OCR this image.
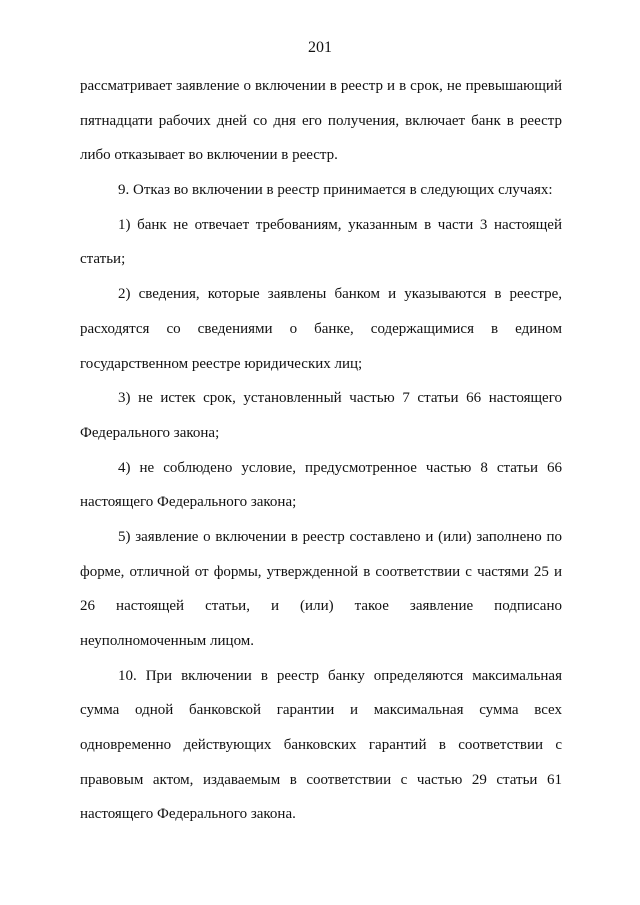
201
рассматривает заявление о включении в реестр и в срок, не превышающий
пятнадцати рабочих дней со дня его получения, включает банк в реестр
либо отказывает во включении в реестр.
9. Отказ во включении в реестр принимается в следующих случаях:
1) банк не отвечает требованиям, указанным в части 3 настоящей
статьи;
2) сведения, которые заявлены банком и указываются в реестре,
расходятся со сведениями о банке, содержащимися в едином
государственном реестре юридических лиц;
3) не истек срок, установленный частью 7 статьи 66 настоящего
Федерального закона;
4) не соблюдено условие, предусмотренное частью 8 статьи 66
настоящего Федерального закона;
5) заявление о включении в реестр составлено и (или) заполнено по
форме, отличной от формы, утвержденной в соответствии с частями 25 и
26 настоящей статьи, и (или) такое заявление подписано
неуполномоченным лицом.
10. При включении в реестр банку определяются максимальная
сумма одной банковской гарантии и максимальная сумма всех
одновременно действующих банковских гарантий в соответствии с
правовым актом, издаваемым в соответствии с частью 29 статьи 61
настоящего Федерального закона.
